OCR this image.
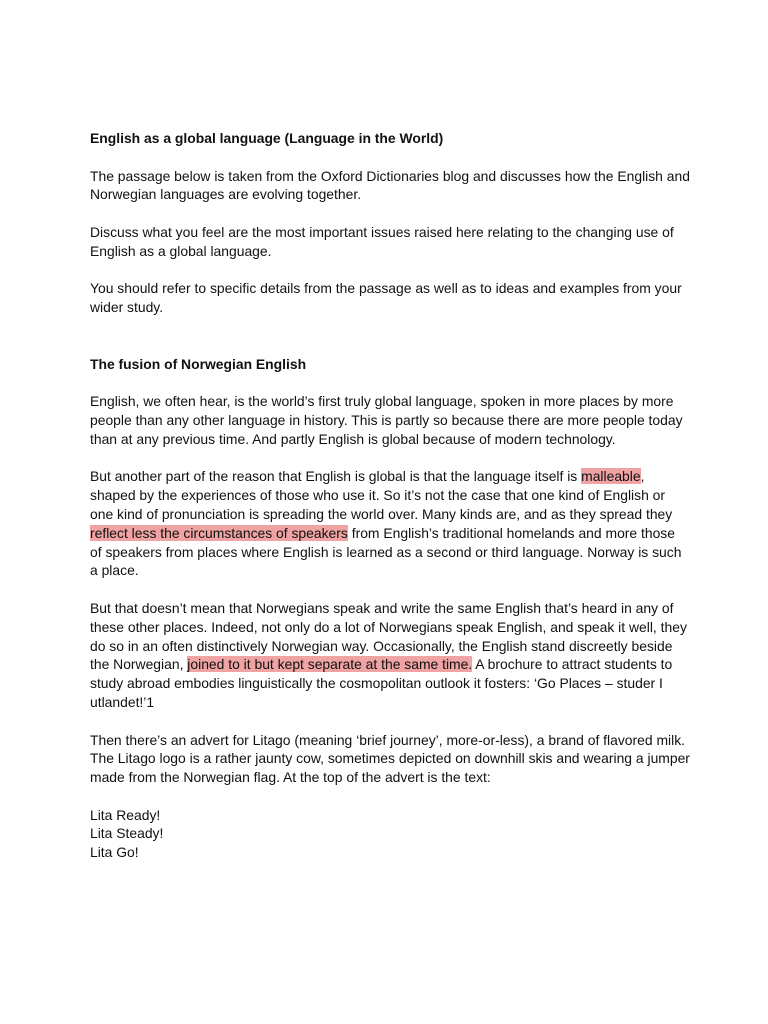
English as a global language (Language in the World)

The passage below is taken from the Oxford Dictionaries blog and discusses how the English and Norwegian languages are evolving together.

Discuss what you feel are the most important issues raised here relating to the changing use of English as a global language.

You should refer to specific details from the passage as well as to ideas and examples from your wider study.

The fusion of Norwegian English

English, we often hear, is the world’s first truly global language, spoken in more places by more people than any other language in history. This is partly so because there are more people today than at any previous time. And partly English is global because of modern technology.

But another part of the reason that English is global is that the language itself is malleable, shaped by the experiences of those who use it. So it’s not the case that one kind of English or one kind of pronunciation is spreading the world over. Many kinds are, and as they spread they reflect less the circumstances of speakers from English’s traditional homelands and more those of speakers from places where English is learned as a second or third language. Norway is such a place.

But that doesn’t mean that Norwegians speak and write the same English that’s heard in any of these other places. Indeed, not only do a lot of Norwegians speak English, and speak it well, they do so in an often distinctively Norwegian way. Occasionally, the English stand discreetly beside the Norwegian, joined to it but kept separate at the same time. A brochure to attract students to study abroad embodies linguistically the cosmopolitan outlook it fosters: ‘Go Places – studer I utlandet!’1

Then there’s an advert for Litago (meaning ‘brief journey’, more-or-less), a brand of flavored milk. The Litago logo is a rather jaunty cow, sometimes depicted on downhill skis and wearing a jumper made from the Norwegian flag. At the top of the advert is the text:

Lita Ready!

Lita Steady!

Lita Go!
